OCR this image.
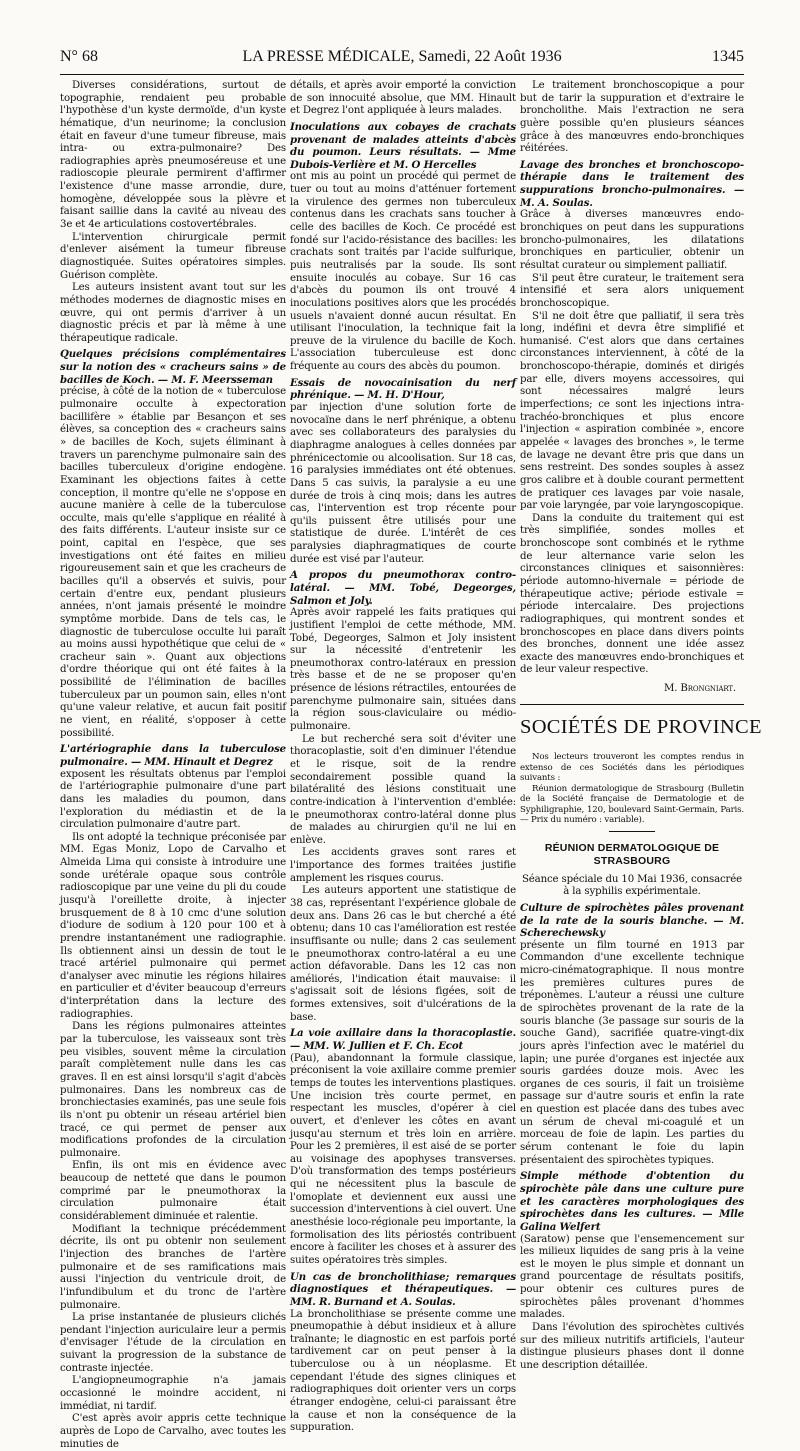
N° 68	LA PRESSE MÉDICALE, Samedi, 22 Août 1936	1345

Diverses considérations, surtout de topographie, rendaient peu probable l'hypothèse d'un kyste dermoïde, d'un kyste hématique, d'un neurinome; la conclusion était en faveur d'une tumeur fibreuse, mais intra- ou extra-pulmonaire? Des radiographies après pneumoséreuse et une radioscopie pleurale permirent d'affirmer l'existence d'une masse arrondie, dure, homogène, développée sous la plèvre et faisant saillie dans la cavité au niveau des 3e et 4e articulations costovertébrales.

L'intervention chirurgicale permit d'enlever aisément la tumeur fibreuse diagnostiquée. Suites opératoires simples. Guérison complète.

Les auteurs insistent avant tout sur les méthodes modernes de diagnostic mises en œuvre, qui ont permis d'arriver à un diagnostic précis et par là même à une thérapeutique radicale.

Quelques précisions complémentaires sur la notion des « cracheurs sains » de bacilles de Koch. — M. F. Meersseman

précise, à côté de la notion de « tuberculose pulmonaire occulte à expectoration bacillifère » établie par Besançon et ses élèves, sa conception des « cracheurs sains » de bacilles de Koch, sujets éliminant à travers un parenchyme pulmonaire sain des bacilles tuberculeux d'origine endogène. Examinant les objections faites à cette conception, il montre qu'elle ne s'oppose en aucune manière à celle de la tuberculose occulte, mais qu'elle s'applique en réalité à des faits différents. L'auteur insiste sur ce point, capital en l'espèce, que ses investigations ont été faites en milieu rigoureusement sain et que les cracheurs de bacilles qu'il a observés et suivis, pour certain d'entre eux, pendant plusieurs années, n'ont jamais présenté le moindre symptôme morbide. Dans de tels cas, le diagnostic de tuberculose occulte lui paraît au moins aussi hypothétique que celui de « cracheur sain ». Quant aux objections d'ordre théorique qui ont été faites à la possibilité de l'élimination de bacilles tuberculeux par un poumon sain, elles n'ont qu'une valeur relative, et aucun fait positif ne vient, en réalité, s'opposer à cette possibilité.

L'artériographie dans la tuberculose pulmonaire. — MM. Hinault et Degrez

exposent les résultats obtenus par l'emploi de l'artériographie pulmonaire d'une part dans les maladies du poumon, dans l'exploration du médiastin et de la circulation pulmonaire d'autre part.

Ils ont adopté la technique préconisée par MM. Egas Moniz, Lopo de Carvalho et Almeida Lima qui consiste à introduire une sonde urétérale opaque sous contrôle radioscopique par une veine du pli du coude jusqu'à l'oreillette droite, à injecter brusquement de 8 à 10 cmc d'une solution d'iodure de sodium à 120 pour 100 et à prendre instantanément une radiographie. Ils obtiennent ainsi un dessin de tout le tracé artériel pulmonaire qui permet d'analyser avec minutie les régions hilaires en particulier et d'éviter beaucoup d'erreurs d'interprétation dans la lecture des radiographies.

Dans les régions pulmonaires atteintes par la tuberculose, les vaisseaux sont très peu visibles, souvent même la circulation paraît complètement nulle dans les cas graves. Il en est ainsi lorsqu'il s'agit d'abcès pulmonaires. Dans les nombreux cas de bronchiectasies examinés, pas une seule fois ils n'ont pu obtenir un réseau artériel bien tracé, ce qui permet de penser aux modifications profondes de la circulation pulmonaire.

Enfin, ils ont mis en évidence avec beaucoup de netteté que dans le poumon comprimé par le pneumothorax la circulation pulmonaire était considérablement diminuée et ralentie.

Modifiant la technique précédemment décrite, ils ont pu obtenir non seulement l'injection des branches de l'artère pulmonaire et de ses ramifications mais aussi l'injection du ventricule droit, de l'infundibulum et du tronc de l'artère pulmonaire.

La prise instantanée de plusieurs clichés pendant l'injection auriculaire leur a permis d'envisager l'étude de la circulation en suivant la progression de la substance de contraste injectée.

L'angiopneumographie n'a jamais occasionné le moindre accident, ni immédiat, ni tardif.

C'est après avoir appris cette technique auprès de Lopo de Carvalho, avec toutes les minuties de

détails, et après avoir emporté la conviction de son innocuité absolue, que MM. Hinault et Degrez l'ont appliquée à leurs malades.

Inoculations aux cobayes de crachats provenant de malades atteints d'abcès du poumon. Leurs résultats. — Mme Dubois-Verlière et M. O Hercelles

ont mis au point un procédé qui permet de tuer ou tout au moins d'atténuer fortement la virulence des germes non tuberculeux contenus dans les crachats sans toucher à celle des bacilles de Koch. Ce procédé est fondé sur l'acido-résistance des bacilles: les crachats sont traités par l'acide sulfurique, puis neutralisés par la soude. Ils sont ensuite inoculés au cobaye. Sur 16 cas d'abcès du poumon ils ont trouvé 4 inoculations positives alors que les procédés usuels n'avaient donné aucun résultat. En utilisant l'inoculation, la technique fait la preuve de la virulence du bacille de Koch. L'association tuberculeuse est donc fréquente au cours des abcès du poumon.

Essais de novocainisation du nerf phrénique. — M. H. D'Hour,

par injection d'une solution forte de novocaïne dans le nerf phrénique, a obtenu avec ses collaborateurs des paralysies du diaphragme analogues à celles données par phrénicectomie ou alcoolisation. Sur 18 cas, 16 paralysies immédiates ont été obtenues. Dans 5 cas suivis, la paralysie a eu une durée de trois à cinq mois; dans les autres cas, l'intervention est trop récente pour qu'ils puissent être utilisés pour une statistique de durée. L'intérêt de ces paralysies diaphragmatiques de courte durée est visé par l'auteur.

A propos du pneumothorax contro-latéral. — MM. Tobé, Degeorges, Salmon et Joly.

Après avoir rappelé les faits pratiques qui justifient l'emploi de cette méthode, MM. Tobé, Degeorges, Salmon et Joly insistent sur la nécessité d'entretenir les pneumothorax contro-latéraux en pression très basse et de ne se proposer qu'en présence de lésions rétractiles, entourées de parenchyme pulmonaire sain, situées dans la région sous-claviculaire ou médio-pulmonaire.

Le but recherché sera soit d'éviter une thoracoplastie, soit d'en diminuer l'étendue et le risque, soit de la rendre secondairement possible quand la bilatéralité des lésions constituait une contre-indication à l'intervention d'emblée: le pneumothorax contro-latéral donne plus de malades au chirurgien qu'il ne lui en enlève.

Les accidents graves sont rares et l'importance des formes traitées justifie amplement les risques courus.

Les auteurs apportent une statistique de 38 cas, représentant l'expérience globale de deux ans. Dans 26 cas le but cherché a été obtenu; dans 10 cas l'amélioration est restée insuffisante ou nulle; dans 2 cas seulement le pneumothorax contro-latéral a eu une action défavorable. Dans les 12 cas non améliorés, l'indication était mauvaise: il s'agissait soit de lésions figées, soit de formes extensives, soit d'ulcérations de la base.

La voie axillaire dans la thoracoplastie. — MM. W. Jullien et F. Ch. Ecot

(Pau), abandonnant la formule classique, préconisent la voie axillaire comme premier temps de toutes les interventions plastiques. Une incision très courte permet, en respectant les muscles, d'opérer à ciel ouvert, et d'enlever les côtes en avant jusqu'au sternum et très loin en arrière. Pour les 2 premières, il est aisé de se porter au voisinage des apophyses transverses. D'où transformation des temps postérieurs qui ne nécessitent plus la bascule de l'omoplate et deviennent eux aussi une succession d'interventions à ciel ouvert. Une anesthésie loco-régionale peu importante, la formolisation des lits périostés contribuent encore à faciliter les choses et à assurer des suites opératoires très simples.

Un cas de broncholithiase; remarques diagnostiques et thérapeutiques. — MM. R. Burnand et A. Soulas.

La broncholithiase se présente comme une pneumopathie à début insidieux et à allure traînante; le diagnostic en est parfois porté tardivement car on peut penser à la tuberculose ou à un néoplasme. Et cependant l'étude des signes cliniques et radiographiques doit orienter vers un corps étranger endogène, celui-ci paraissant être la cause et non la conséquence de la suppuration.

Le traitement bronchoscopique a pour but de tarir la suppuration et d'extraire le broncholithe. Mais l'extraction ne sera guère possible qu'en plusieurs séances grâce à des manœuvres endo-bronchiques réitérées.

Lavage des bronches et bronchoscopo-thérapie dans le traitement des suppurations broncho-pulmonaires. — M. A. Soulas.

Grâce à diverses manœuvres endo-bronchiques on peut dans les suppurations broncho-pulmonaires, les dilatations bronchiques en particulier, obtenir un résultat curateur ou simplement palliatif.

S'il peut être curateur, le traitement sera intensifié et sera alors uniquement bronchoscopique.

S'il ne doit être que palliatif, il sera très long, indéfini et devra être simplifié et humanisé. C'est alors que dans certaines circonstances interviennent, à côté de la bronchoscopo-thérapie, dominés et dirigés par elle, divers moyens accessoires, qui sont nécessaires malgré leurs imperfections; ce sont les injections intra-trachéo-bronchiques et plus encore l'injection « aspiration combinée », encore appelée « lavages des bronches », le terme de lavage ne devant être pris que dans un sens restreint. Des sondes souples à assez gros calibre et à double courant permettent de pratiquer ces lavages par voie nasale, par voie laryngée, par voie laryngoscopique.

Dans la conduite du traitement qui est très simplifiée, sondes molles et bronchoscope sont combinés et le rythme de leur alternance varie selon les circonstances cliniques et saisonnières: période automno-hivernale = période de thérapeutique active; période estivale = période intercalaire. Des projections radiographiques, qui montrent sondes et bronchoscopes en place dans divers points des bronches, donnent une idée assez exacte des manœuvres endo-bronchiques et de leur valeur respective.

M. Brongniart.

SOCIÉTÉS DE PROVINCE

Nos lecteurs trouveront les comptes rendus in extenso de ces Sociétés dans les périodiques suivants :

Réunion dermatologique de Strasbourg (Bulletin de la Société française de Dermatologie et de Syphiligraphie, 120, boulevard Saint-Germain, Paris. — Prix du numéro : variable).

RÉUNION DERMATOLOGIQUE DE STRASBOURG

Séance spéciale du 10 Mai 1936, consacrée à la syphilis expérimentale.

Culture de spirochètes pâles provenant de la rate de la souris blanche. — M. Scherechewsky

présente un film tourné en 1913 par Commandon d'une excellente technique micro-cinématographique. Il nous montre les premières cultures pures de tréponèmes. L'auteur a réussi une culture de spirochètes provenant de la rate de la souris blanche (3e passage sur souris de la souche Gand), sacrifiée quatre-vingt-dix jours après l'infection avec le matériel du lapin; une purée d'organes est injectée aux souris gardées douze mois. Avec les organes de ces souris, il fait un troisième passage sur d'autre souris et enfin la rate en question est placée dans des tubes avec un sérum de cheval mi-coagulé et un morceau de foie de lapin. Les parties du sérum contenant le foie du lapin présentaient des spirochètes typiques.

Simple méthode d'obtention du spirochète pâle dans une culture pure et les caractères morphologiques des spirochètes dans les cultures. — Mlle Galina Welfert

(Saratow) pense que l'ensemencement sur les milieux liquides de sang pris à la veine est le moyen le plus simple et donnant un grand pourcentage de résultats positifs, pour obtenir ces cultures pures de spirochètes pâles provenant d'hommes malades.

Dans l'évolution des spirochètes cultivés sur des milieux nutritifs artificiels, l'auteur distingue plusieurs phases dont il donne une description détaillée.
